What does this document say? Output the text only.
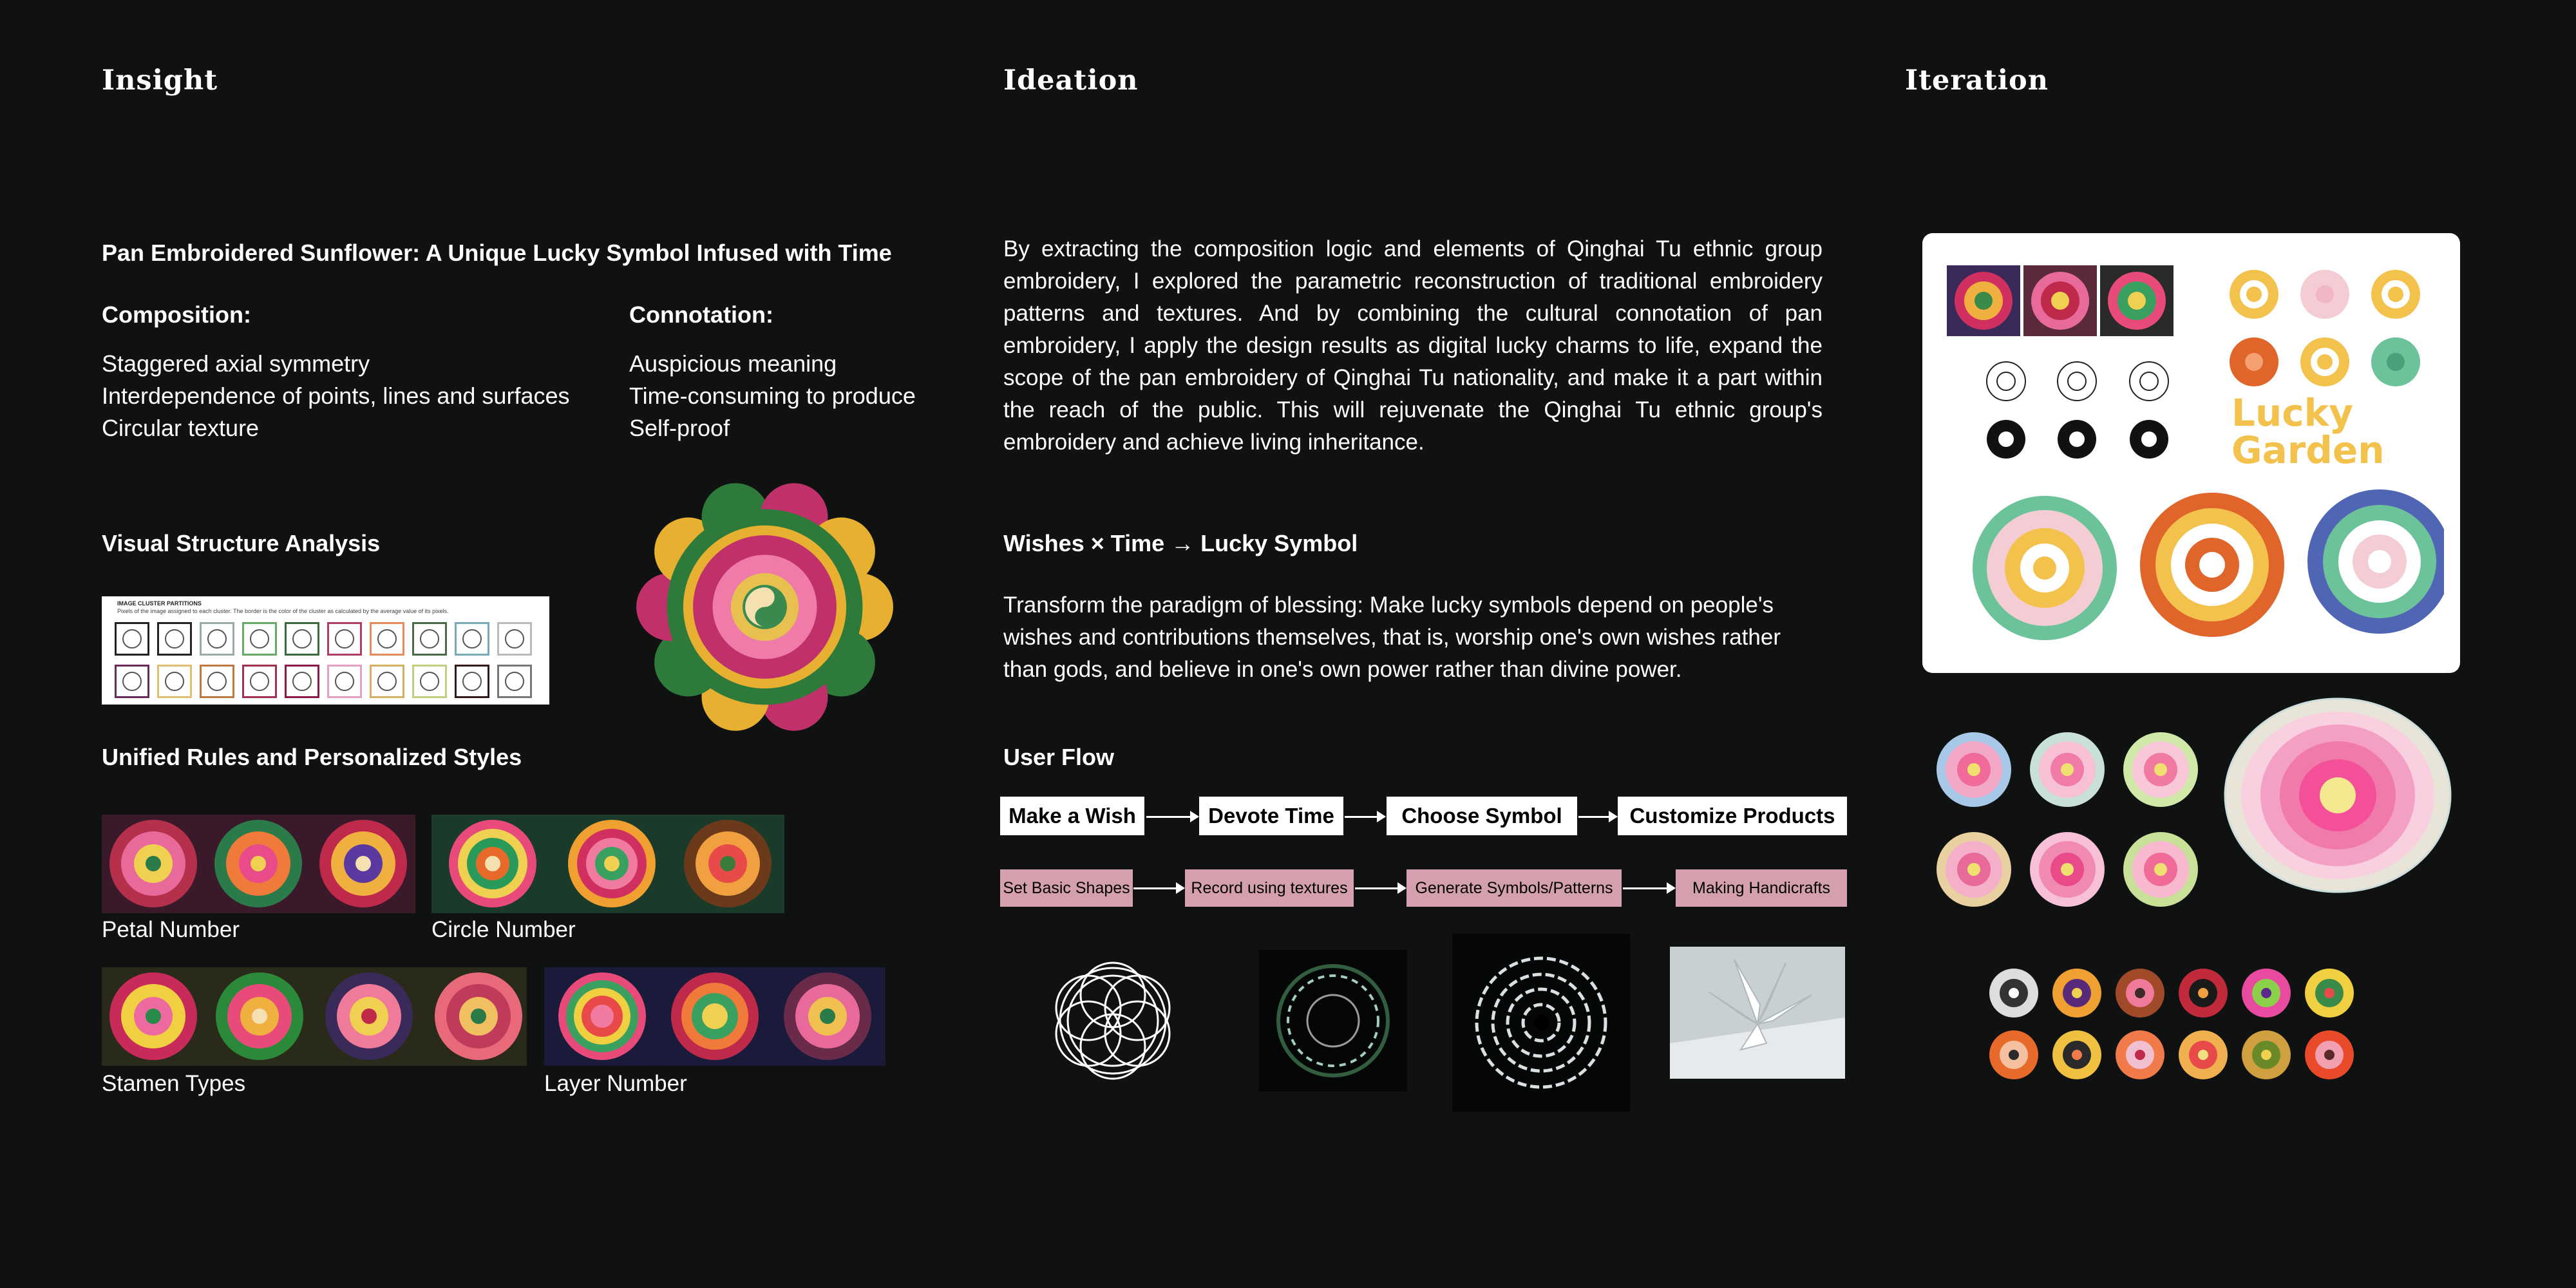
Insight	Ideation	Iteration
Pan Embroidered Sunflower: A Unique Lucky Symbol Infused with Time
Composition:
Staggered axial symmetry
Interdependence of points, lines and surfaces
Circular texture
Connotation:
Auspicious meaning
Time-consuming to produce
Self-proof
Visual Structure Analysis
IMAGE CLUSTER PARTITIONS
Pixels of the image assigned to each cluster. The border is the color of the cluster as calculated by the average value of its pixels.
Unified Rules and Personalized Styles
Petal Number	Circle Number
Stamen Types	Layer Number
By extracting the composition logic and elements of Qinghai Tu ethnic group embroidery, I explored the parametric reconstruction of traditional embroidery patterns and textures. And by combining the cultural connotation of pan embroidery, I apply the design results as digital lucky charms to life, expand the scope of the pan embroidery of Qinghai Tu nationality, and make it a part within the reach of the public. This will rejuvenate the Qinghai Tu ethnic group's embroidery and achieve living inheritance.
Wishes × Time → Lucky Symbol
Transform the paradigm of blessing: Make lucky symbols depend on people's wishes and contributions themselves, that is, worship one's own wishes rather than gods, and believe in one's own power rather than divine power.
User Flow
Make a Wish	Devote Time	Choose Symbol	Customize Products
Set Basic Shapes	Record using textures	Generate Symbols/Patterns	Making Handicrafts
Lucky
Garden
